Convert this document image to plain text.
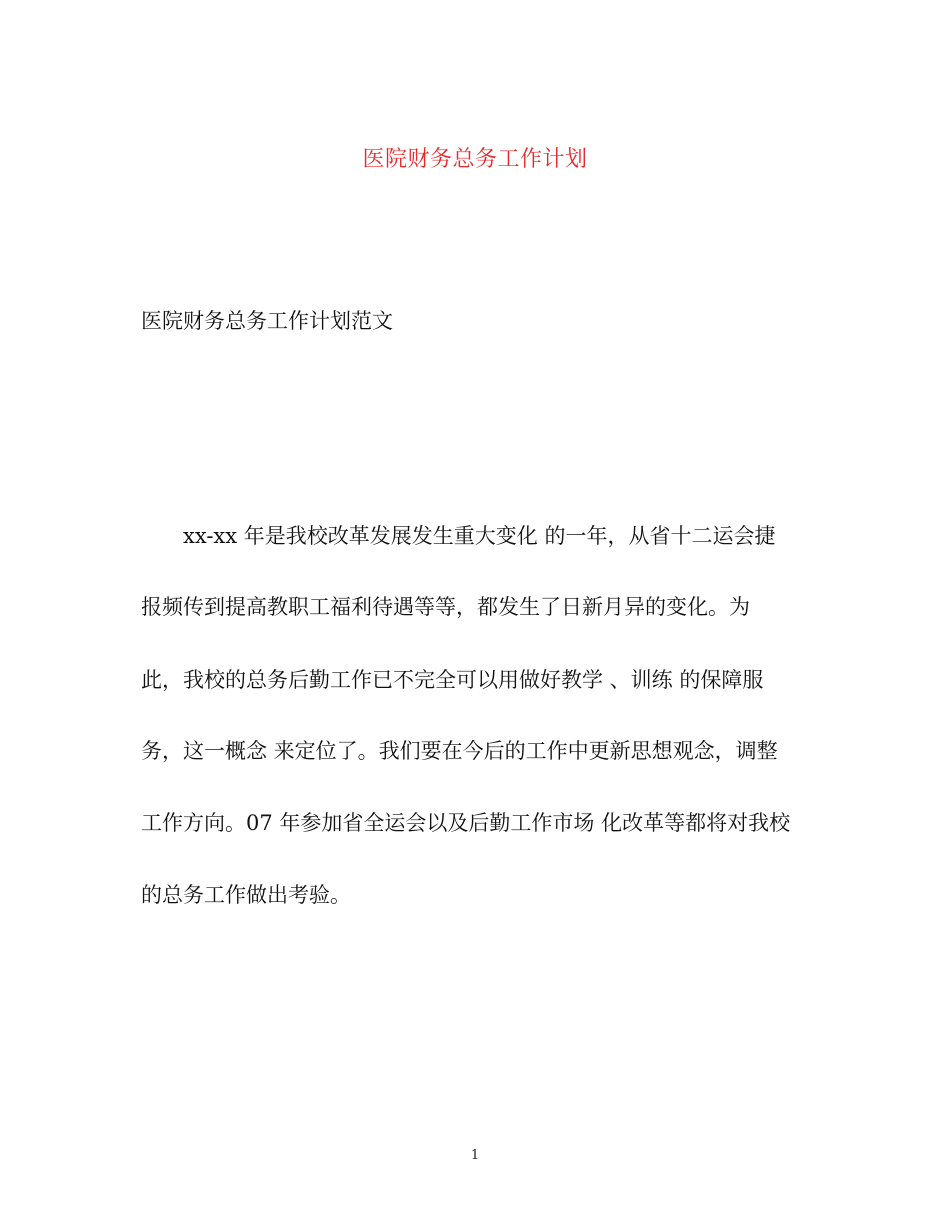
医院财务总务工作计划
医院财务总务工作计划范文
xx-xx 年是我校改革发展发生重大变化 的一年，从省十二运会捷
报频传到提高教职工福利待遇等等，都发生了日新月异的变化。为
此，我校的总务后勤工作已不完全可以用做好教学 、训练 的保障服
务，这一概念 来定位了。我们要在今后的工作中更新思想观念，调整
工作方向。07 年参加省全运会以及后勤工作市场 化改革等都将对我校
的总务工作做出考验。
1
